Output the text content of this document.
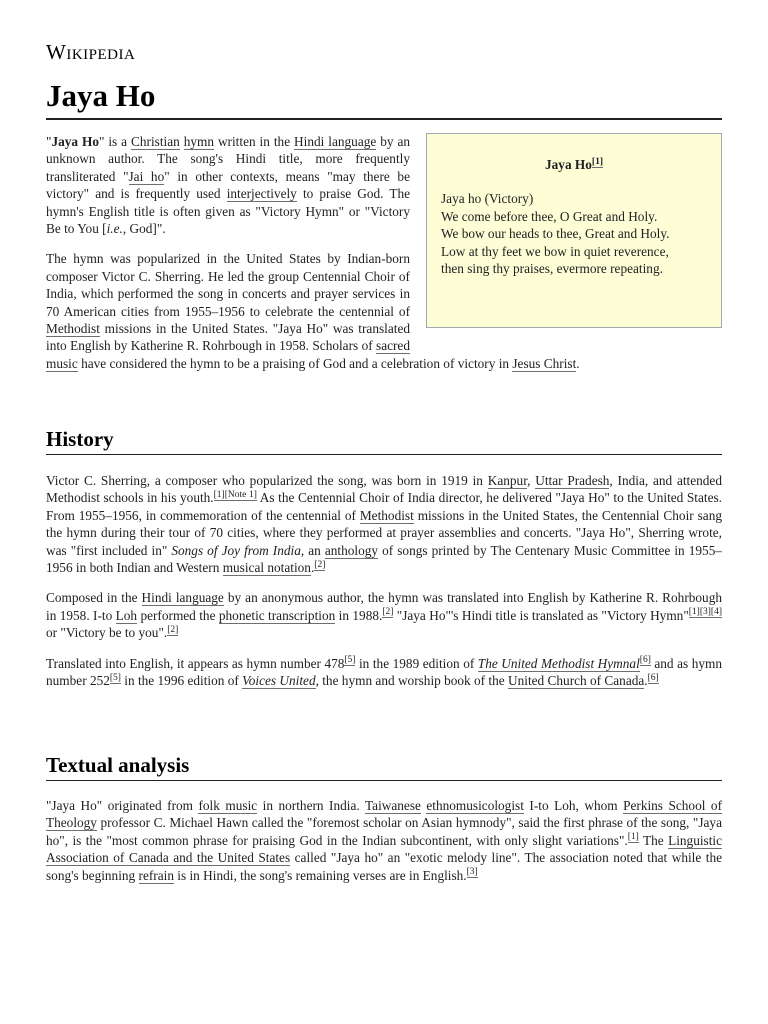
Wikipedia
Jaya Ho
Jaya Ho[1]
Jaya ho (Victory)
We come before thee, O Great and Holy.
We bow our heads to thee, Great and Holy.
Low at thy feet we bow in quiet reverence,
then sing thy praises, evermore repeating.

"Jaya Ho" is a Christian hymn written in the Hindi language by an unknown author. The song's Hindi title, more frequently transliterated "Jai ho" in other contexts, means "may there be victory" and is frequently used interjectively to praise God. The hymn's English title is often given as "Victory Hymn" or "Victory Be to You [i.e., God]".

The hymn was popularized in the United States by Indian-born composer Victor C. Sherring. He led the group Centennial Choir of India, which performed the song in concerts and prayer services in 70 American cities from 1955–1956 to celebrate the centennial of Methodist missions in the United States. "Jaya Ho" was translated into English by Katherine R. Rohrbough in 1958. Scholars of sacred music have considered the hymn to be a praising of God and a celebration of victory in Jesus Christ.

History

Victor C. Sherring, a composer who popularized the song, was born in 1919 in Kanpur, Uttar Pradesh, India, and attended Methodist schools in his youth.[1][Note 1] As the Centennial Choir of India director, he delivered "Jaya Ho" to the United States. From 1955–1956, in commemoration of the centennial of Methodist missions in the United States, the Centennial Choir sang the hymn during their tour of 70 cities, where they performed at prayer assemblies and concerts. "Jaya Ho", Sherring wrote, was "first included in" Songs of Joy from India, an anthology of songs printed by The Centenary Music Committee in 1955–1956 in both Indian and Western musical notation.[2]

Composed in the Hindi language by an anonymous author, the hymn was translated into English by Katherine R. Rohrbough in 1958. I-to Loh performed the phonetic transcription in 1988.[2] "Jaya Ho"'s Hindi title is translated as "Victory Hymn"[1][3][4] or "Victory be to you".[2]

Translated into English, it appears as hymn number 478[5] in the 1989 edition of The United Methodist Hymnal[6] and as hymn number 252[5] in the 1996 edition of Voices United, the hymn and worship book of the United Church of Canada.[6]

Textual analysis

"Jaya Ho" originated from folk music in northern India. Taiwanese ethnomusicologist I-to Loh, whom Perkins School of Theology professor C. Michael Hawn called the "foremost scholar on Asian hymnody", said the first phrase of the song, "Jaya ho", is the "most common phrase for praising God in the Indian subcontinent, with only slight variations".[1] The Linguistic Association of Canada and the United States called "Jaya ho" an "exotic melody line". The association noted that while the song's beginning refrain is in Hindi, the song's remaining verses are in English.[3]
